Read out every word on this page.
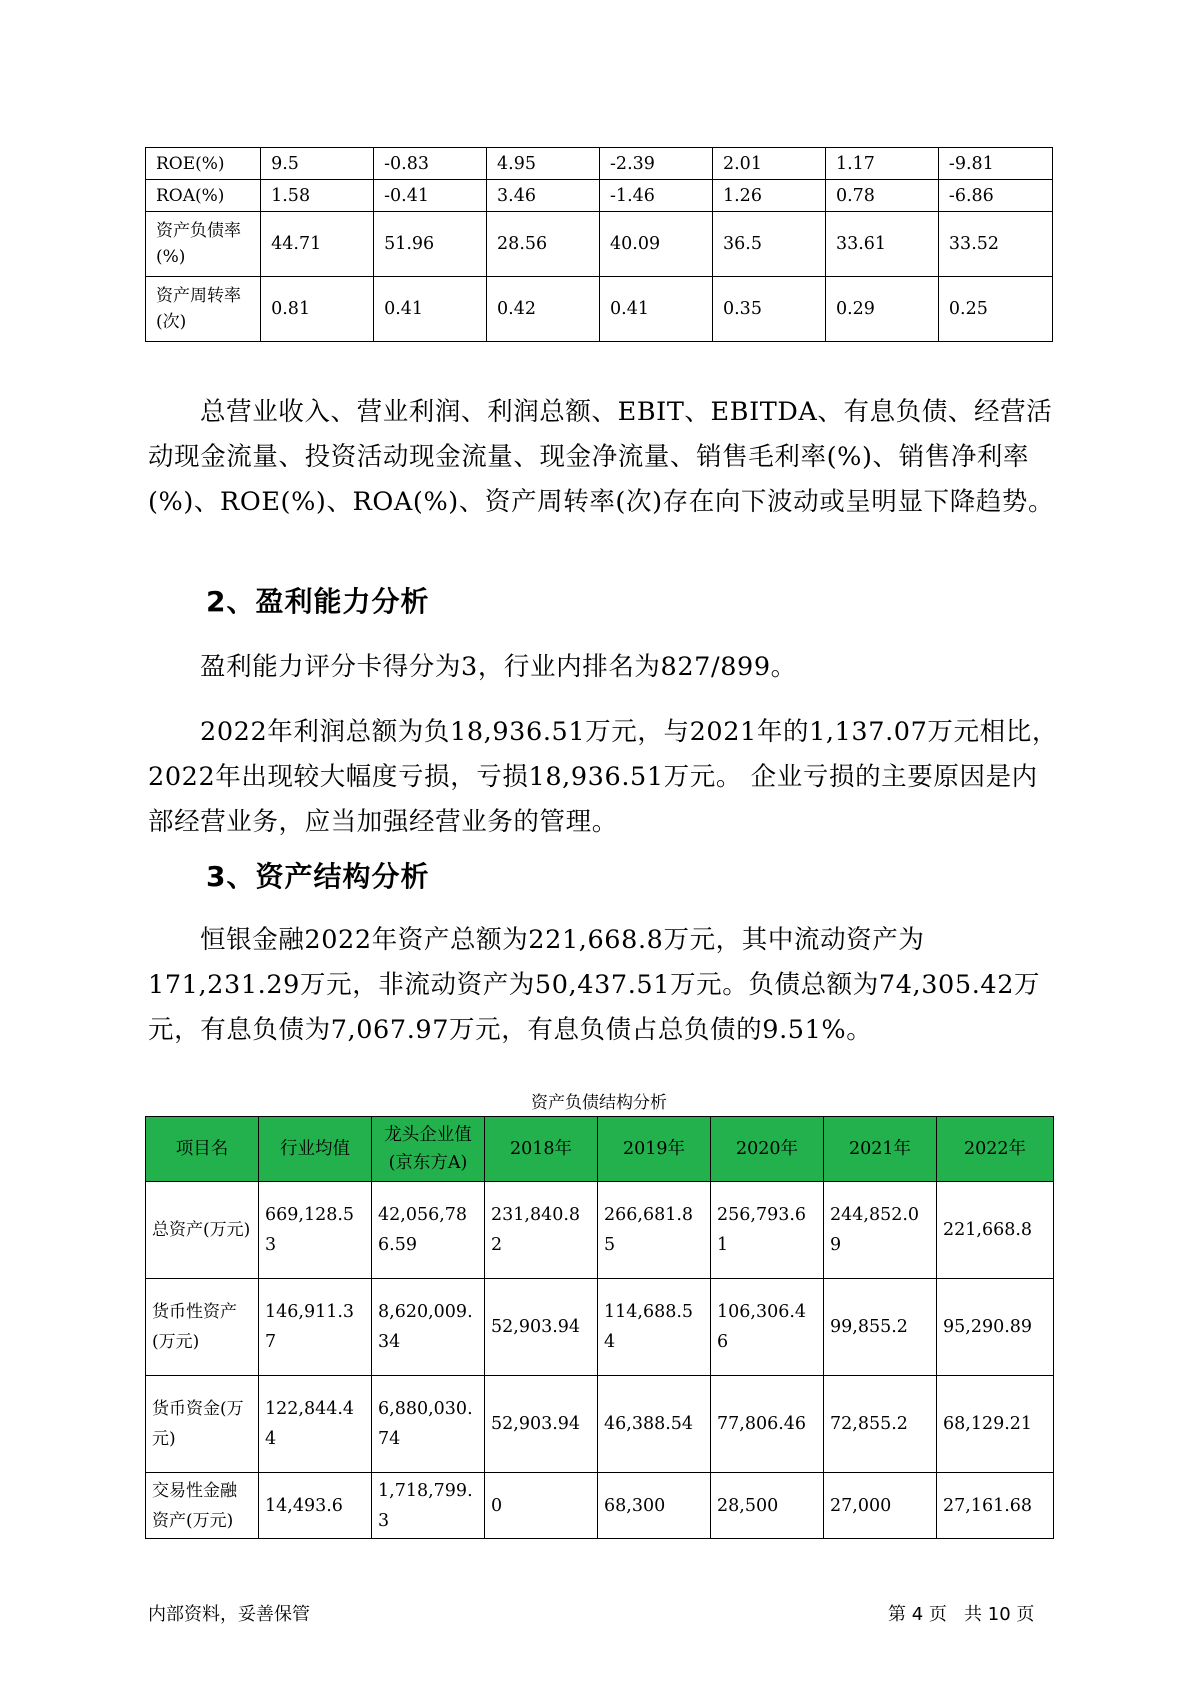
ROE(%)	9.5	-0.83	4.95	-2.39	2.01	1.17	-9.81
ROA(%)	1.58	-0.41	3.46	-1.46	1.26	0.78	-6.86
资产负债率(%)	44.71	51.96	28.56	40.09	36.5	33.61	33.52
资产周转率(次)	0.81	0.41	0.42	0.41	0.35	0.29	0.25

总营业收入、营业利润、利润总额、EBIT、EBITDA、有息负债、经营活动现金流量、投资活动现金流量、现金净流量、销售毛利率(%)、销售净利率(%)、ROE(%)、ROA(%)、资产周转率(次)存在向下波动或呈明显下降趋势。

2、盈利能力分析

盈利能力评分卡得分为3，行业内排名为827/899。

2022年利润总额为负18,936.51万元，与2021年的1,137.07万元相比，2022年出现较大幅度亏损，亏损18,936.51万元。 企业亏损的主要原因是内部经营业务，应当加强经营业务的管理。

3、资产结构分析

恒银金融2022年资产总额为221,668.8万元，其中流动资产为171,231.29万元，非流动资产为50,437.51万元。负债总额为74,305.42万元，有息负债为7,067.97万元，有息负债占总负债的9.51%。

资产负债结构分析
项目名	行业均值	龙头企业值(京东方A)	2018年	2019年	2020年	2021年	2022年
总资产(万元)	669,128.53	42,056,786.59	231,840.82	266,681.85	256,793.61	244,852.09	221,668.8
货币性资产(万元)	146,911.37	8,620,009.34	52,903.94	114,688.54	106,306.46	99,855.2	95,290.89
货币资金(万元)	122,844.44	6,880,030.74	52,903.94	46,388.54	77,806.46	72,855.2	68,129.21
交易性金融资产(万元)	14,493.6	1,718,799.3	0	68,300	28,500	27,000	27,161.68
内部资料，妥善保管	第 4 页   共 10 页
